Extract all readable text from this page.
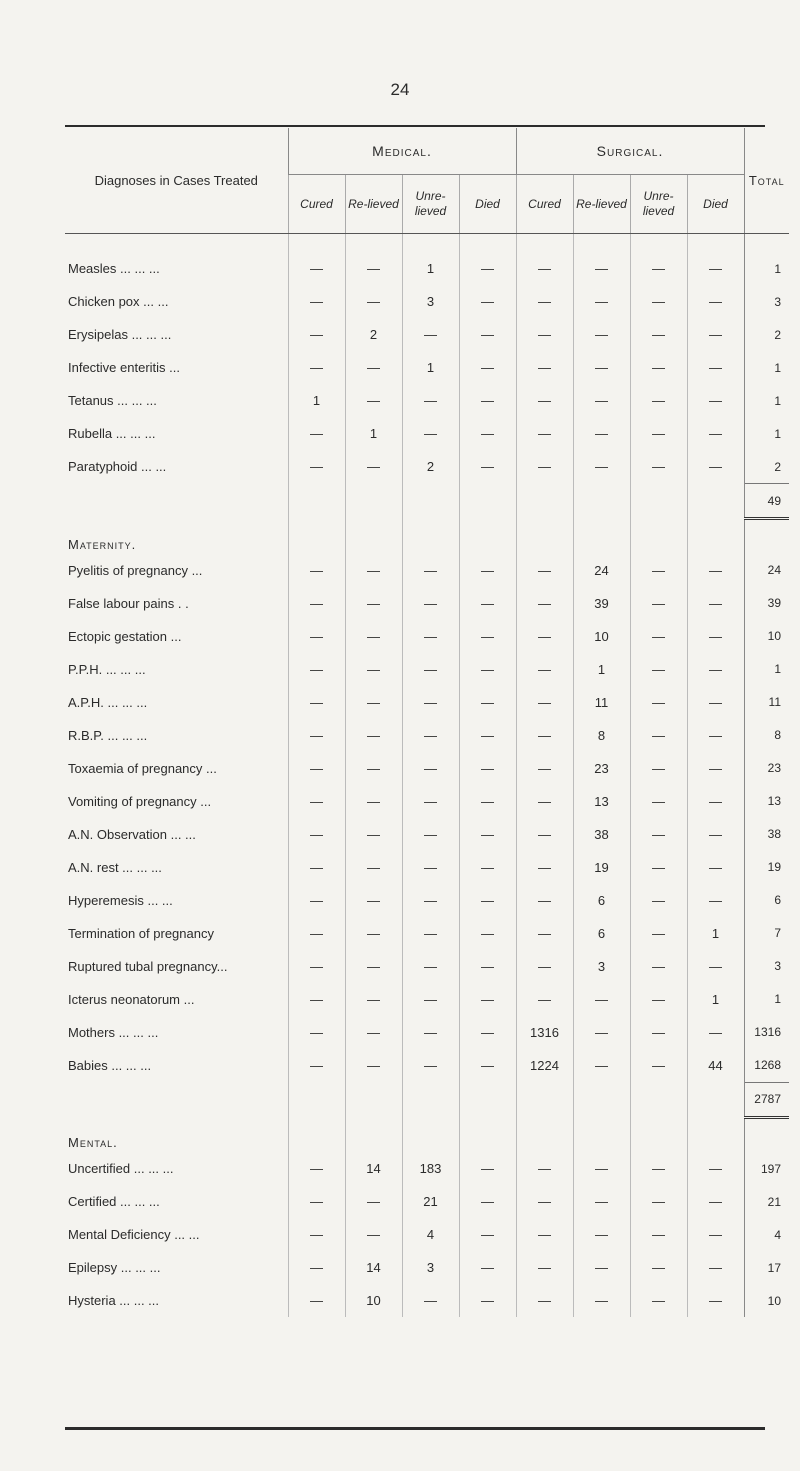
24
Diagnoses in Cases Treated	Medical.				Surgical.				Total
	Cured	Re-lieved	Unre-lieved	Died	Cured	Re-lieved	Unre-lieved	Died	

Measles ... ... ...	—	—	1	—	—	—	—	—	1
Chicken pox ... ...	—	—	3	—	—	—	—	—	3
Erysipelas ... ... ...	—	2	—	—	—	—	—	—	2
Infective enteritis ...	—	—	1	—	—	—	—	—	1
Tetanus ... ... ...	1	—	—	—	—	—	—	—	1
Rubella ... ... ...	—	1	—	—	—	—	—	—	1
Paratyphoid ... ...	—	—	2	—	—	—	—	—	2
									49
Maternity.									
Pyelitis of pregnancy ...	—	—	—	—	—	24	—	—	24
False labour pains . .	—	—	—	—	—	39	—	—	39
Ectopic gestation ...	—	—	—	—	—	10	—	—	10
P.P.H. ... ... ...	—	—	—	—	—	1	—	—	1
A.P.H. ... ... ...	—	—	—	—	—	11	—	—	11
R.B.P. ... ... ...	—	—	—	—	—	8	—	—	8
Toxaemia of pregnancy ...	—	—	—	—	—	23	—	—	23
Vomiting of pregnancy ...	—	—	—	—	—	13	—	—	13
A.N. Observation ... ...	—	—	—	—	—	38	—	—	38
A.N. rest ... ... ...	—	—	—	—	—	19	—	—	19
Hyperemesis ... ...	—	—	—	—	—	6	—	—	6
Termination of pregnancy	—	—	—	—	—	6	—	1	7
Ruptured tubal pregnancy...	—	—	—	—	—	3	—	—	3
Icterus neonatorum ...	—	—	—	—	—	—	—	1	1
Mothers ... ... ...	—	—	—	—	1316	—	—	—	1316
Babies ... ... ...	—	—	—	—	1224	—	—	44	1268
									2787
Mental.									
Uncertified ... ... ...	—	14	183	—	—	—	—	—	197
Certified ... ... ...	—	—	21	—	—	—	—	—	21
Mental Deficiency ... ...	—	—	4	—	—	—	—	—	4
Epilepsy ... ... ...	—	14	3	—	—	—	—	—	17
Hysteria ... ... ...	—	10	—	—	—	—	—	—	10
